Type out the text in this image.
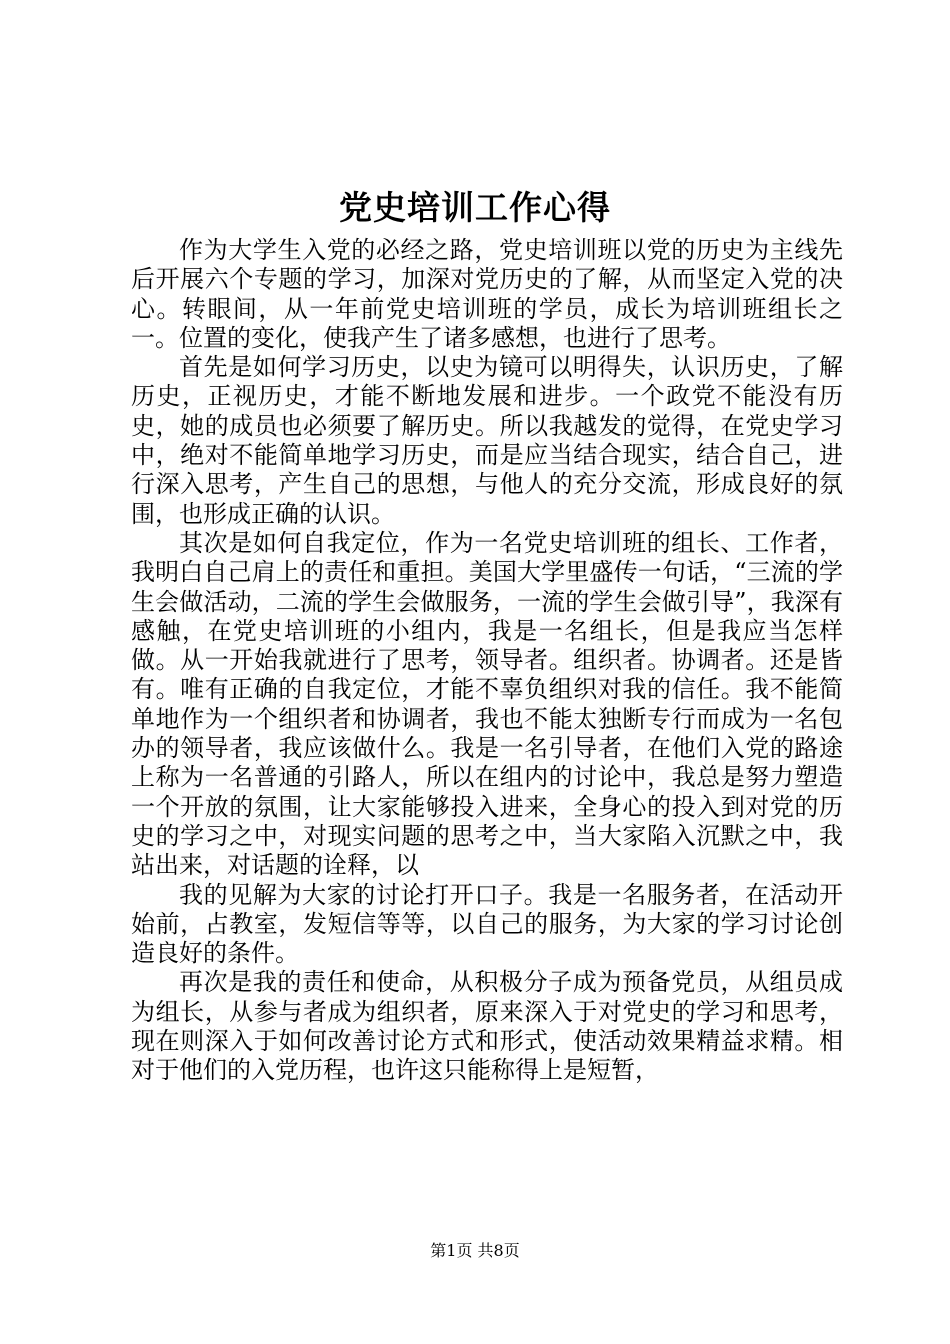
党史培训工作心得

作为大学生入党的必经之路，党史培训班以党的历史为主线先后开展六个专题的学习，加深对党历史的了解，从而坚定入党的决心。转眼间，从一年前党史培训班的学员，成长为培训班组长之一。位置的变化，使我产生了诸多感想，也进行了思考。

首先是如何学习历史，以史为镜可以明得失，认识历史，了解历史，正视历史，才能不断地发展和进步。一个政党不能没有历史，她的成员也必须要了解历史。所以我越发的觉得，在党史学习中，绝对不能简单地学习历史，而是应当结合现实，结合自己，进行深入思考，产生自己的思想，与他人的充分交流，形成良好的氛围，也形成正确的认识。

其次是如何自我定位，作为一名党史培训班的组长、工作者，我明白自己肩上的责任和重担。美国大学里盛传一句话，“三流的学生会做活动，二流的学生会做服务，一流的学生会做引导”，我深有感触，在党史培训班的小组内，我是一名组长，但是我应当怎样做。从一开始我就进行了思考，领导者。组织者。协调者。还是皆有。唯有正确的自我定位，才能不辜负组织对我的信任。我不能简单地作为一个组织者和协调者，我也不能太独断专行而成为一名包办的领导者，我应该做什么。我是一名引导者，在他们入党的路途上称为一名普通的引路人，所以在组内的讨论中，我总是努力塑造一个开放的氛围，让大家能够投入进来，全身心的投入到对党的历史的学习之中，对现实问题的思考之中，当大家陷入沉默之中，我站出来，对话题的诠释，以

我的见解为大家的讨论打开口子。我是一名服务者，在活动开始前，占教室，发短信等等，以自己的服务，为大家的学习讨论创造良好的条件。

再次是我的责任和使命，从积极分子成为预备党员，从组员成为组长，从参与者成为组织者，原来深入于对党史的学习和思考，现在则深入于如何改善讨论方式和形式，使活动效果精益求精。相对于他们的入党历程，也许这只能称得上是短暂，

第1页 共8页
